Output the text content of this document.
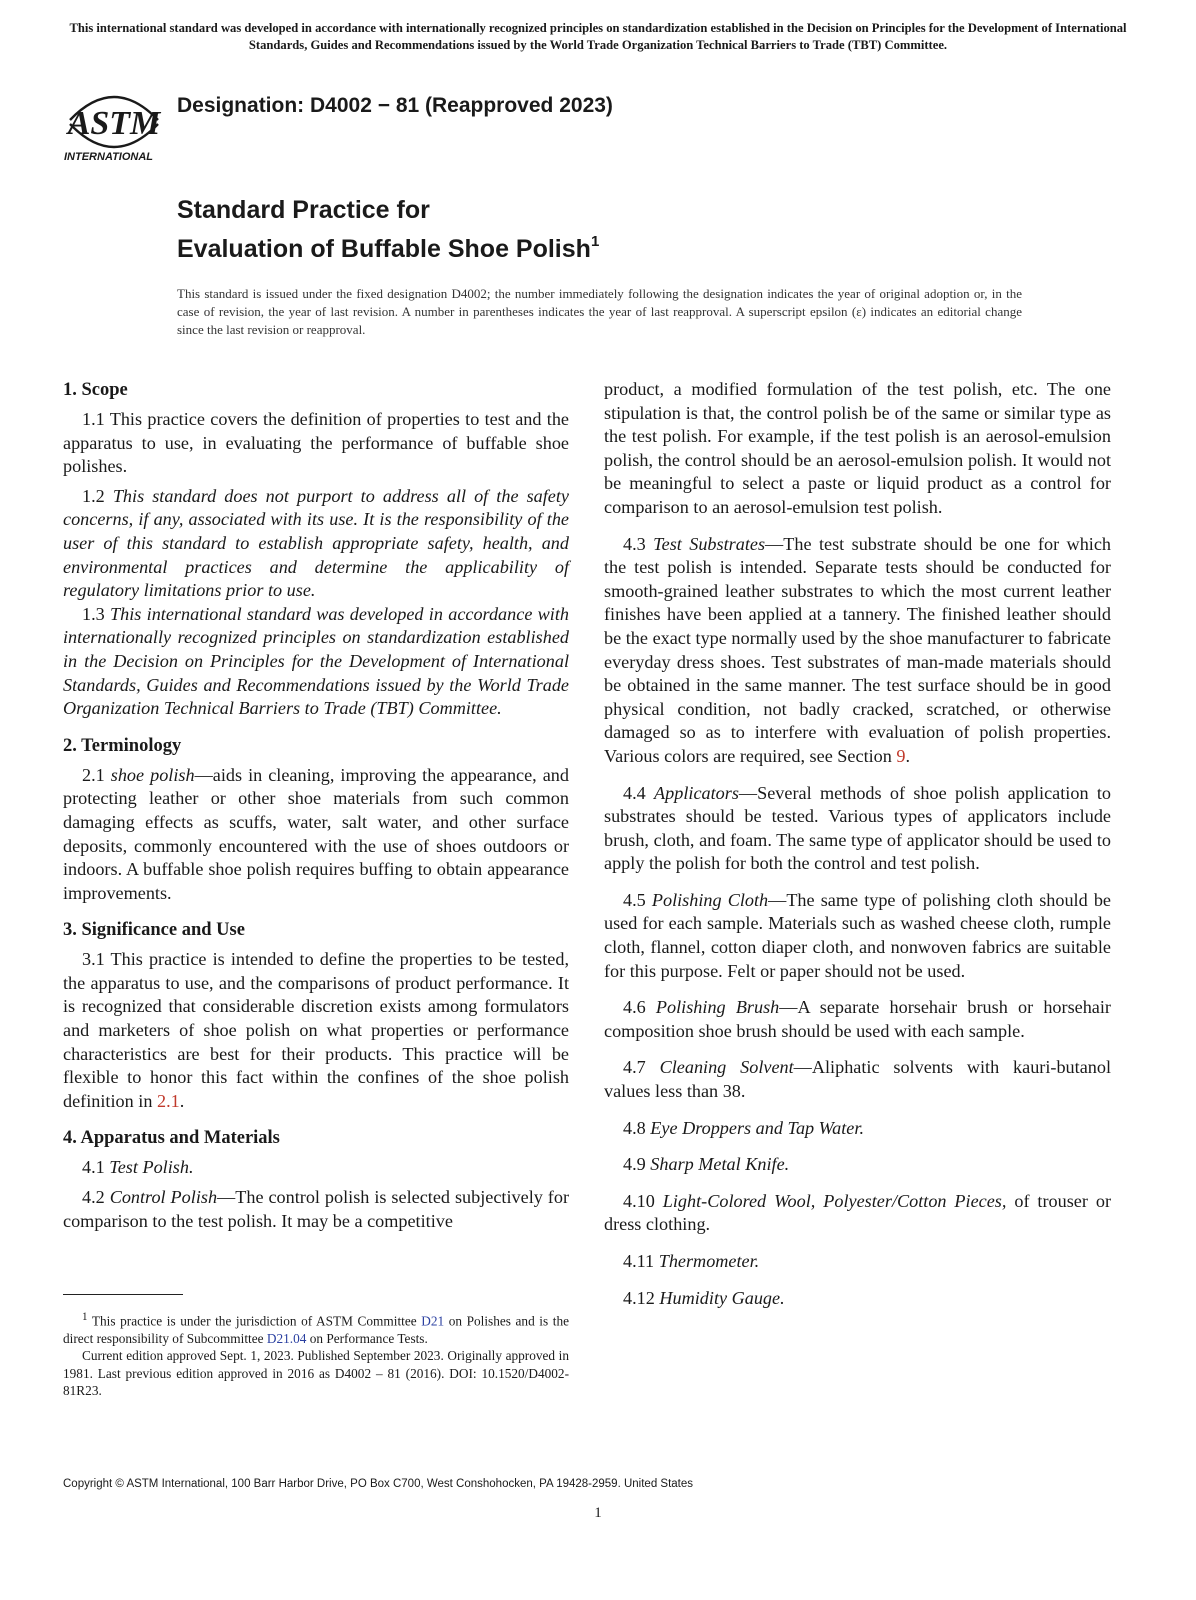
This international standard was developed in accordance with internationally recognized principles on standardization established in the Decision on Principles for the Development of International Standards, Guides and Recommendations issued by the World Trade Organization Technical Barriers to Trade (TBT) Committee.
ASTM
INTERNATIONAL
Designation: D4002 − 81 (Reapproved 2023)
Standard Practice for
Evaluation of Buffable Shoe Polish$^1$
This standard is issued under the fixed designation D4002; the number immediately following the designation indicates the year of original adoption or, in the case of revision, the year of last revision. A number in parentheses indicates the year of last reapproval. A superscript epsilon (ε) indicates an editorial change since the last revision or reapproval.
1. Scope

1.1 This practice covers the definition of properties to test and the apparatus to use, in evaluating the performance of buffable shoe polishes.

1.2 This standard does not purport to address all of the safety concerns, if any, associated with its use. It is the responsibility of the user of this standard to establish appropriate safety, health, and environmental practices and determine the applicability of regulatory limitations prior to use.

1.3 This international standard was developed in accordance with internationally recognized principles on standardization established in the Decision on Principles for the Development of International Standards, Guides and Recommendations issued by the World Trade Organization Technical Barriers to Trade (TBT) Committee.

2. Terminology

2.1 shoe polish—aids in cleaning, improving the appearance, and protecting leather or other shoe materials from such common damaging effects as scuffs, water, salt water, and other surface deposits, commonly encountered with the use of shoes outdoors or indoors. A buffable shoe polish requires buffing to obtain appearance improvements.

3. Significance and Use

3.1 This practice is intended to define the properties to be tested, the apparatus to use, and the comparisons of product performance. It is recognized that considerable discretion exists among formulators and marketers of shoe polish on what properties or performance characteristics are best for their products. This practice will be flexible to honor this fact within the confines of the shoe polish definition in 2.1.

4. Apparatus and Materials

4.1 Test Polish.

4.2 Control Polish—The control polish is selected subjectively for comparison to the test polish. It may be a competitive

product, a modified formulation of the test polish, etc. The one stipulation is that, the control polish be of the same or similar type as the test polish. For example, if the test polish is an aerosol-emulsion polish, the control should be an aerosol-emulsion polish. It would not be meaningful to select a paste or liquid product as a control for comparison to an aerosol-emulsion test polish.

4.3 Test Substrates—The test substrate should be one for which the test polish is intended. Separate tests should be conducted for smooth-grained leather substrates to which the most current leather finishes have been applied at a tannery. The finished leather should be the exact type normally used by the shoe manufacturer to fabricate everyday dress shoes. Test substrates of man-made materials should be obtained in the same manner. The test surface should be in good physical condition, not badly cracked, scratched, or otherwise damaged so as to interfere with evaluation of polish properties. Various colors are required, see Section 9.

4.4 Applicators—Several methods of shoe polish application to substrates should be tested. Various types of applicators include brush, cloth, and foam. The same type of applicator should be used to apply the polish for both the control and test polish.

4.5 Polishing Cloth—The same type of polishing cloth should be used for each sample. Materials such as washed cheese cloth, rumple cloth, flannel, cotton diaper cloth, and nonwoven fabrics are suitable for this purpose. Felt or paper should not be used.

4.6 Polishing Brush—A separate horsehair brush or horsehair composition shoe brush should be used with each sample.

4.7 Cleaning Solvent—Aliphatic solvents with kauri-butanol values less than 38.

4.8 Eye Droppers and Tap Water.

4.9 Sharp Metal Knife.

4.10 Light-Colored Wool, Polyester/Cotton Pieces, of trouser or dress clothing.

4.11 Thermometer.

4.12 Humidity Gauge.

$^1$ This practice is under the jurisdiction of ASTM Committee D21 on Polishes and is the direct responsibility of Subcommittee D21.04 on Performance Tests.

Current edition approved Sept. 1, 2023. Published September 2023. Originally approved in 1981. Last previous edition approved in 2016 as D4002 – 81 (2016). DOI: 10.1520/D4002-81R23.

Copyright © ASTM International, 100 Barr Harbor Drive, PO Box C700, West Conshohocken, PA 19428-2959. United States
1
